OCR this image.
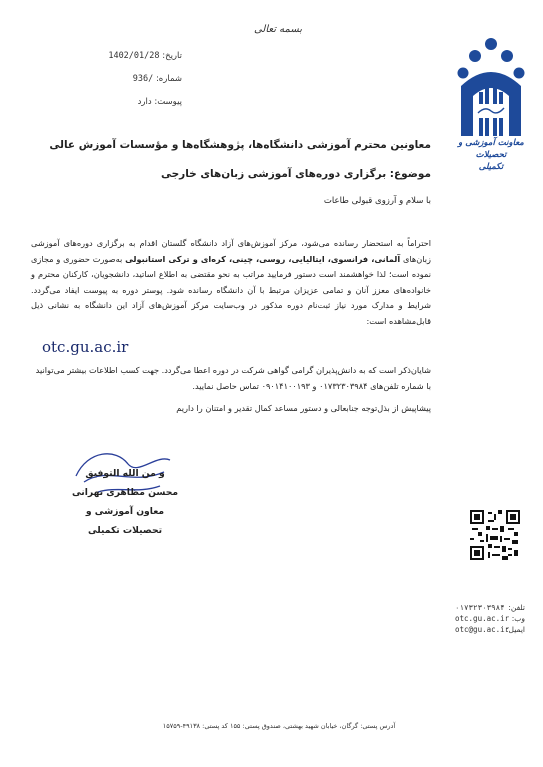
بسمه تعالی
تاریخ: 1402/01/28
شماره: 936/
پیوست: دارد
معاونت آموزشی و تحصیلات
تکمیلی
معاونین محترم آموزشی دانشگاه‌ها، پژوهشگاه‌ها و مؤسسات آموزش عالی
موضوع: برگزاری دوره‌های آموزشی زبان‌های خارجی
با سلام و آرزوی قبولی طاعات
احتراماً به استحضار رسانده می‌شود، مرکز آموزش‌های آزاد دانشگاه گلستان اقدام به برگزاری دوره‌های آموزشی زبان‌های آلمانی، فرانسوی، ایتالیایی، روسی، چینی، کره‌ای و ترکی استانبولی به‌صورت حضوری و مجازی نموده است؛ لذا خواهشمند است دستور فرمایید مراتب به نحو مقتضی به اطلاع اساتید، دانشجویان، کارکنان محترم و خانواده‌های معزز آنان و تمامی عزیزان مرتبط با آن دانشگاه رسانده شود. پوستر دوره به پیوست ایفاد می‌گردد. شرایط و مدارک مورد نیاز ثبت‌نام دوره مذکور در وب‌سایت مرکز آموزش‌های آزاد این دانشگاه به نشانی ذیل قابل‌مشاهده است:
otc.gu.ac.ir
شایان‌ذکر است که به دانش‌پذیران گرامی گواهی شرکت در دوره اعطا می‌گردد. جهت کسب اطلاعات بیشتر می‌توانید با شماره تلفن‌های ۰۱۷۳۲۳۰۳۹۸۴ و ۰۹۰۱۴۱۰۰۱۹۳ تماس حاصل نمایید.
پیشاپیش از بذل‌توجه جنابعالی و دستور مساعد کمال تقدیر و امتنان را داریم
و من الله التوفیق
محسن مظاهری تهرانی
معاون آموزشی و تحصیلات تکمیلی
تلفن:
۰۱۷۳۲۳۰۳۹۸۴
وب:
otc.gu.ac.ir
ایمیل:
otc@gu.ac.ir
آدرس پستی: گرگان، خیابان شهید بهشتی، صندوق پستی: ۱۵۵ کد پستی: ۴۹۱۳۸-۱۵۷۵۹
